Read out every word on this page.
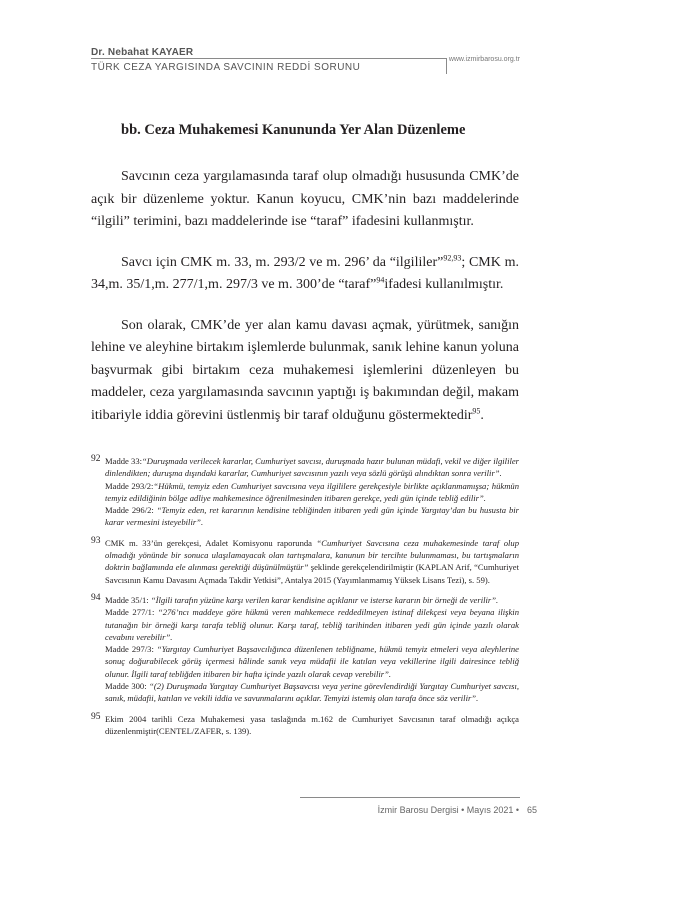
Dr. Nebahat KAYAER
www.izmirbarosu.org.tr
TÜRK CEZA YARGISINDA SAVCININ REDDİ SORUNU
bb. Ceza Muhakemesi Kanununda Yer Alan Düzenleme

Savcının ceza yargılamasında taraf olup olmadığı hususunda CMK’de açık bir düzenleme yoktur. Kanun koyucu, CMK’nin bazı maddelerinde “ilgili” terimini, bazı maddelerinde ise “taraf” ifadesini kullanmıştır.

Savcı için CMK m. 33, m. 293/2 ve m. 296’ da “ilgililer”$^{92,93}$; CMK m. 34,m. 35/1,m. 277/1,m. 297/3 ve m. 300’de “taraf”$^{94}$ifadesi kullanılmıştır.

Son olarak, CMK’de yer alan kamu davası açmak, yürütmek, sanığın lehine ve aleyhine birtakım işlemlerde bulunmak, sanık lehine kanun yoluna başvurmak gibi birtakım ceza muhakemesi işlemlerini düzenleyen bu maddeler, ceza yargılamasında savcının yaptığı iş bakımından değil, makam itibariyle iddia görevini üstlenmiş bir taraf olduğunu göstermektedir$^{95}$.

92 Madde 33:“Duruşmada verilecek kararlar, Cumhuriyet savcısı, duruşmada hazır bulunan müdafi, vekil ve diğer ilgililer dinlendikten; duruşma dışındaki kararlar, Cumhuriyet savcısının yazılı veya sözlü görüşü alındıktan sonra verilir”.

Madde 293/2:“Hükmü, temyiz eden Cumhuriyet savcısına veya ilgililere gerekçesiyle birlikte açıklanmamışsa; hükmün temyiz edildiğinin bölge adliye mahkemesince öğrenilmesinden itibaren gerekçe, yedi gün içinde tebliğ edilir”.

Madde 296/2: “Temyiz eden, ret kararının kendisine tebliğinden itibaren yedi gün içinde Yargıtay’dan bu hususta bir karar vermesini isteyebilir”.

93 CMK m. 33’ün gerekçesi, Adalet Komisyonu raporunda “Cumhuriyet Savcısına ceza muhakemesinde taraf olup olmadığı yönünde bir sonuca ulaşılamayacak olan tartışmalara, kanunun bir tercihte bulunmaması, bu tartışmaların doktrin bağlamında ele alınması gerektiği düşünülmüştür” şeklinde gerekçelendirilmiştir (KAPLAN Arif, “Cumhuriyet Savcısının Kamu Davasını Açmada Takdir Yetkisi”, Antalya 2015 (Yayımlanmamış Yüksek Lisans Tezi), s. 59).

94 Madde 35/1: “İlgili tarafın yüzüne karşı verilen karar kendisine açıklanır ve isterse kararın bir örneği de verilir”.

Madde 277/1: “276’ncı maddeye göre hükmü veren mahkemece reddedilmeyen istinaf dilekçesi veya beyana ilişkin tutanağın bir örneği karşı tarafa tebliğ olunur. Karşı taraf, tebliğ tarihinden itibaren yedi gün içinde yazılı olarak cevabını verebilir”.

Madde 297/3: “Yargıtay Cumhuriyet Başsavcılığınca düzenlenen tebliğname, hükmü temyiz etmeleri veya aleyhlerine sonuç doğurabilecek görüş içermesi hâlinde sanık veya müdafii ile katılan veya vekillerine ilgili dairesince tebliğ olunur. İlgili taraf tebliğden itibaren bir hafta içinde yazılı olarak cevap verebilir”.

Madde 300: “(2) Duruşmada Yargıtay Cumhuriyet Başsavcısı veya yerine görevlendirdiği Yargıtay Cumhuriyet savcısı, sanık, müdafii, katılan ve vekili iddia ve savunmalarını açıklar. Temyizi istemiş olan tarafa önce söz verilir”.

95 Ekim 2004 tarihli Ceza Muhakemesi yasa taslağında m.162 de Cumhuriyet Savcısının taraf olmadığı açıkça düzenlenmiştir(CENTEL/ZAFER, s. 139).

İzmir Barosu Dergisi • Mayıs 2021 • 65
